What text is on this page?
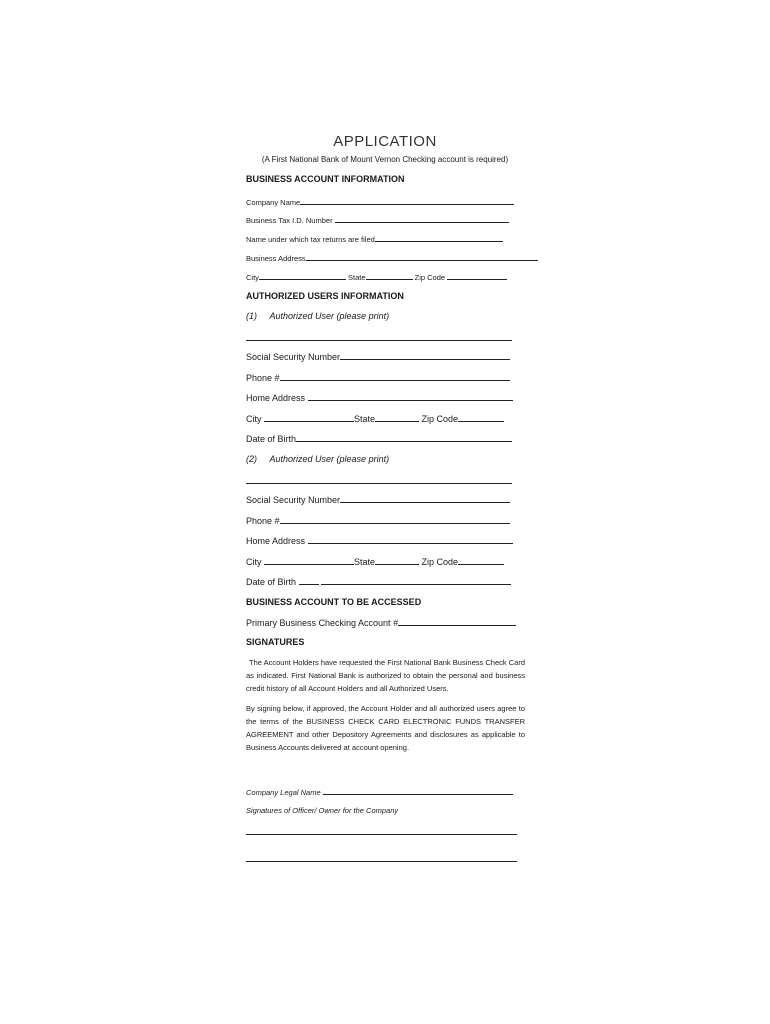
APPLICATION
(A First National Bank of Mount Vernon Checking account is required)
BUSINESS ACCOUNT INFORMATION
Company Name
Business Tax I.D. Number
Name under which tax returns are filed
Business Address
City	State	Zip Code
AUTHORIZED USERS INFORMATION
(1) Authorized User (please print)
Social Security Number
Phone #
Home Address
City	State	Zip Code
Date of Birth
(2) Authorized User (please print)
Social Security Number
Phone #
Home Address
City	State	Zip Code
Date of Birth
BUSINESS ACCOUNT TO BE ACCESSED
Primary Business Checking Account #
SIGNATURES
The Account Holders have requested the First National Bank Business Check Card as indicated. First National Bank is authorized to obtain the personal and business credit history of all Account Holders and all Authorized Users.
By signing below, if approved, the Account Holder and all authorized users agree to the terms of the BUSINESS CHECK CARD ELECTRONIC FUNDS TRANSFER AGREEMENT and other Depository Agreements and disclosures as applicable to Business Accounts delivered at account opening.
Company Legal Name
Signatures of Officer/ Owner for the Company
